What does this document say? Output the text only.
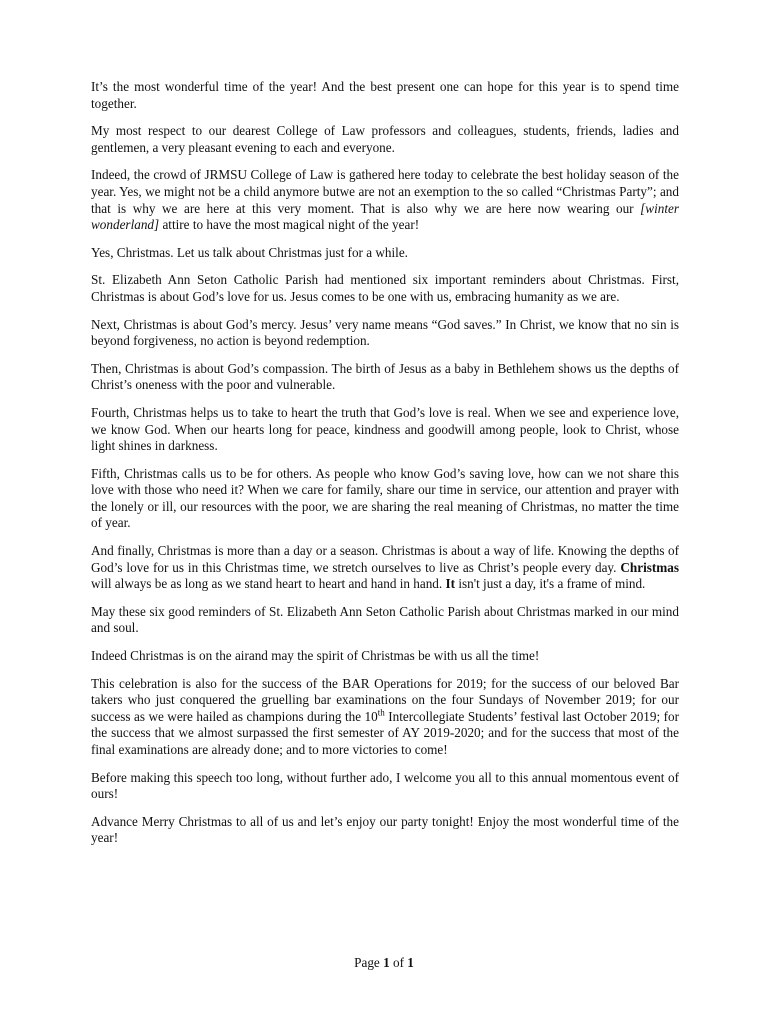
It’s the most wonderful time of the year! And the best present one can hope for this year is to spend time together.

My most respect to our dearest College of Law professors and colleagues, students, friends, ladies and gentlemen, a very pleasant evening to each and everyone.

Indeed, the crowd of JRMSU College of Law is gathered here today to celebrate the best holiday season of the year. Yes, we might not be a child anymore butwe are not an exemption to the so called “Christmas Party”; and that is why we are here at this very moment. That is also why we are here now wearing our [winter wonderland] attire to have the most magical night of the year!

Yes, Christmas. Let us talk about Christmas just for a while.

St. Elizabeth Ann Seton Catholic Parish had mentioned six important reminders about Christmas. First, Christmas is about God’s love for us. Jesus comes to be one with us, embracing humanity as we are.

Next, Christmas is about God’s mercy. Jesus’ very name means “God saves.” In Christ, we know that no sin is beyond forgiveness, no action is beyond redemption.

Then, Christmas is about God’s compassion. The birth of Jesus as a baby in Bethlehem shows us the depths of Christ’s oneness with the poor and vulnerable.

Fourth, Christmas helps us to take to heart the truth that God’s love is real. When we see and experience love, we know God. When our hearts long for peace, kindness and goodwill among people, look to Christ, whose light shines in darkness.

Fifth, Christmas calls us to be for others. As people who know God’s saving love, how can we not share this love with those who need it? When we care for family, share our time in service, our attention and prayer with the lonely or ill, our resources with the poor, we are sharing the real meaning of Christmas, no matter the time of year.

And finally, Christmas is more than a day or a season. Christmas is about a way of life. Knowing the depths of God’s love for us in this Christmas time, we stretch ourselves to live as Christ’s people every day. Christmas will always be as long as we stand heart to heart and hand in hand. It isn't just a day, it's a frame of mind.

May these six good reminders of St. Elizabeth Ann Seton Catholic Parish about Christmas marked in our mind and soul.

Indeed Christmas is on the airand may the spirit of Christmas be with us all the time!

This celebration is also for the success of the BAR Operations for 2019; for the success of our beloved Bar takers who just conquered the gruelling bar examinations on the four Sundays of November 2019; for our success as we were hailed as champions during the 10th Intercollegiate Students’ festival last October 2019; for the success that we almost surpassed the first semester of AY 2019-2020; and for the success that most of the final examinations are already done; and to more victories to come!

Before making this speech too long, without further ado, I welcome you all to this annual momentous event of ours!

Advance Merry Christmas to all of us and let’s enjoy our party tonight! Enjoy the most wonderful time of the year!

Page 1 of 1
